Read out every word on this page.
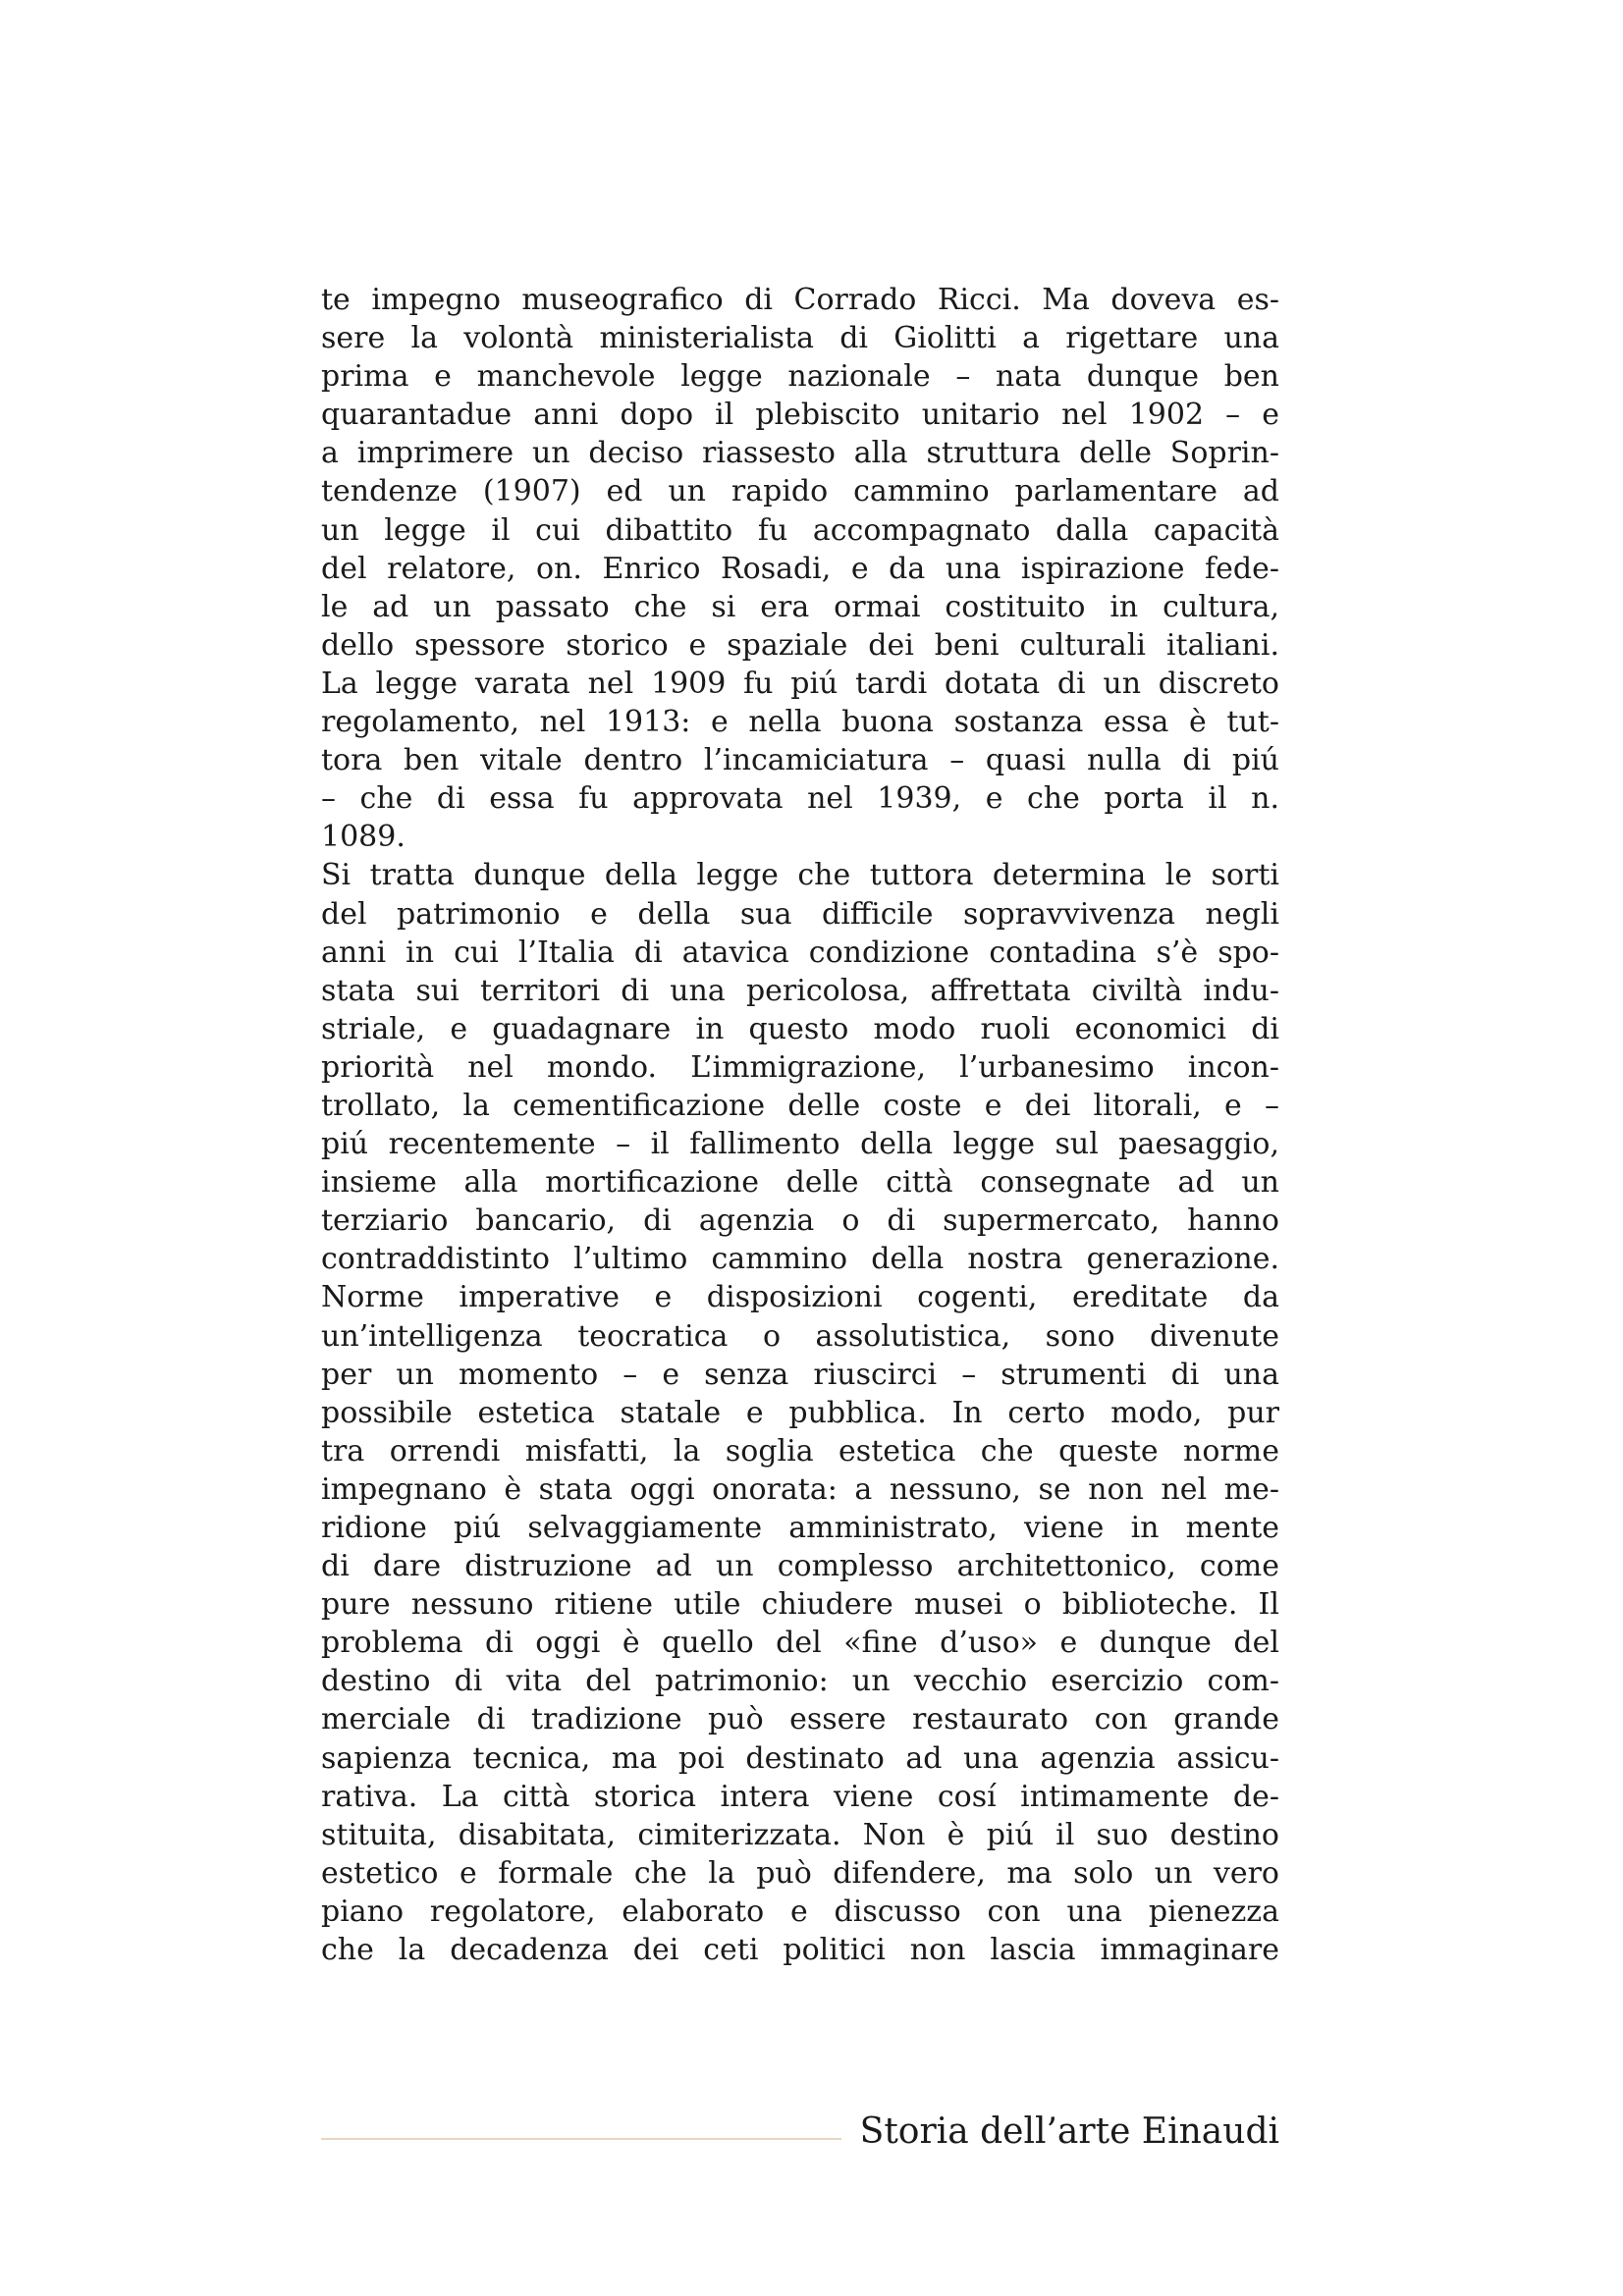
te impegno museografico di Corrado Ricci. Ma doveva es-
sere la volontà ministerialista di Giolitti a rigettare una
prima e manchevole legge nazionale – nata dunque ben
quarantadue anni dopo il plebiscito unitario nel 1902 – e
a imprimere un deciso riassesto alla struttura delle Soprin-
tendenze (1907) ed un rapido cammino parlamentare ad
un legge il cui dibattito fu accompagnato dalla capacità
del relatore, on. Enrico Rosadi, e da una ispirazione fede-
le ad un passato che si era ormai costituito in cultura,
dello spessore storico e spaziale dei beni culturali italiani.
La legge varata nel 1909 fu piú tardi dotata di un discreto
regolamento, nel 1913: e nella buona sostanza essa è tut-
tora ben vitale dentro l’incamiciatura – quasi nulla di piú
– che di essa fu approvata nel 1939, e che porta il n.
1089.
Si tratta dunque della legge che tuttora determina le sorti
del patrimonio e della sua difficile sopravvivenza negli
anni in cui l’Italia di atavica condizione contadina s’è spo-
stata sui territori di una pericolosa, affrettata civiltà indu-
striale, e guadagnare in questo modo ruoli economici di
priorità nel mondo. L’immigrazione, l’urbanesimo incon-
trollato, la cementificazione delle coste e dei litorali, e –
piú recentemente – il fallimento della legge sul paesaggio,
insieme alla mortificazione delle città consegnate ad un
terziario bancario, di agenzia o di supermercato, hanno
contraddistinto l’ultimo cammino della nostra generazione.
Norme imperative e disposizioni cogenti, ereditate da
un’intelligenza teocratica o assolutistica, sono divenute
per un momento – e senza riuscirci – strumenti di una
possibile estetica statale e pubblica. In certo modo, pur
tra orrendi misfatti, la soglia estetica che queste norme
impegnano è stata oggi onorata: a nessuno, se non nel me-
ridione piú selvaggiamente amministrato, viene in mente
di dare distruzione ad un complesso architettonico, come
pure nessuno ritiene utile chiudere musei o biblioteche. Il
problema di oggi è quello del «fine d’uso» e dunque del
destino di vita del patrimonio: un vecchio esercizio com-
merciale di tradizione può essere restaurato con grande
sapienza tecnica, ma poi destinato ad una agenzia assicu-
rativa. La città storica intera viene cosí intimamente de-
stituita, disabitata, cimiterizzata. Non è piú il suo destino
estetico e formale che la può difendere, ma solo un vero
piano regolatore, elaborato e discusso con una pienezza
che la decadenza dei ceti politici non lascia immaginare
Storia dell’arte Einaudi
